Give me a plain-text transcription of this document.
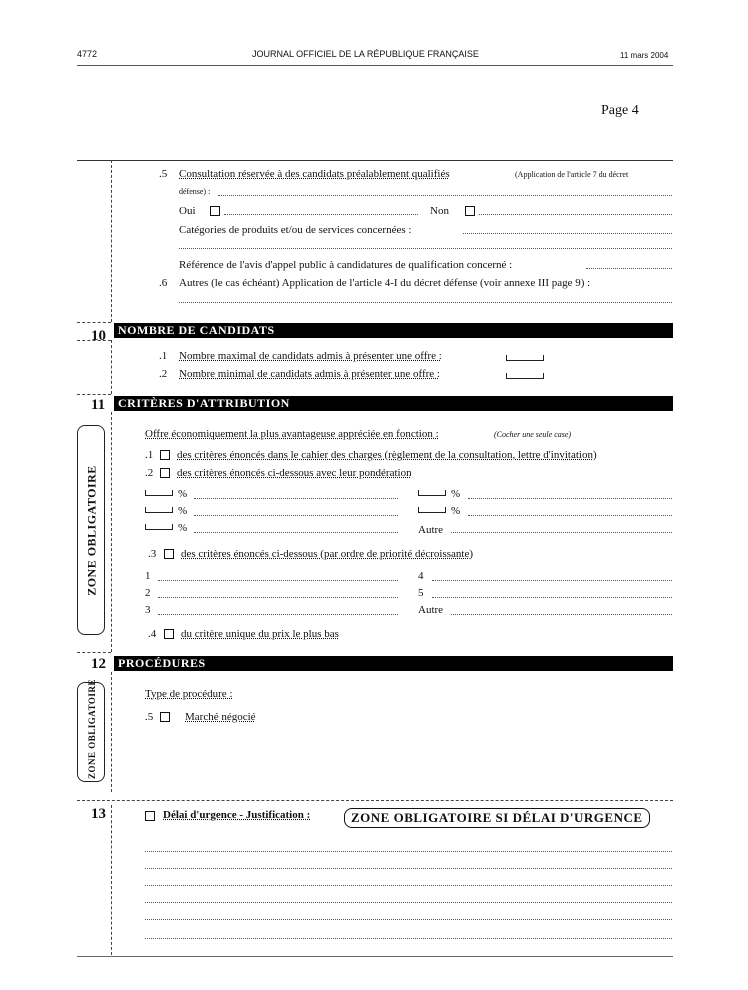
4772	JOURNAL OFFICIEL DE LA RÉPUBLIQUE FRANÇAISE	11 mars 2004
Page 4
.5 Consultation réservée à des candidats préalablement qualifiés	(Application de l'article 7 du décret
défense) :
Oui	Non
Catégories de produits et/ou de services concernées :
Référence de l'avis d'appel public à candidatures de qualification concerné :
.6 Autres (le cas échéant) Application de l'article 4-I du décret défense (voir annexe III page 9) :
10	NOMBRE DE CANDIDATS
.1 Nombre maximal de candidats admis à présenter une offre :
.2 Nombre minimal de candidats admis à présenter une offre :
11	CRITÈRES D'ATTRIBUTION
ZONE OBLIGATOIRE
Offre économiquement la plus avantageuse appréciée en fonction :	(Cocher une seule case)
.1 des critères énoncés dans le cahier des charges (règlement de la consultation, lettre d'invitation)
.2 des critères énoncés ci-dessous avec leur pondération
%	%
%	%
%	Autre
.3 des critères énoncés ci-dessous (par ordre de priorité décroissante)
1	4
2	5
3	Autre
.4 du critère unique du prix le plus bas
12	PROCÉDURES
ZONE OBLIGATOIRE	Type de procédure :
.5	Marché négocié
13	Délai d'urgence - Justification :	ZONE OBLIGATOIRE SI DÉLAI D'URGENCE
